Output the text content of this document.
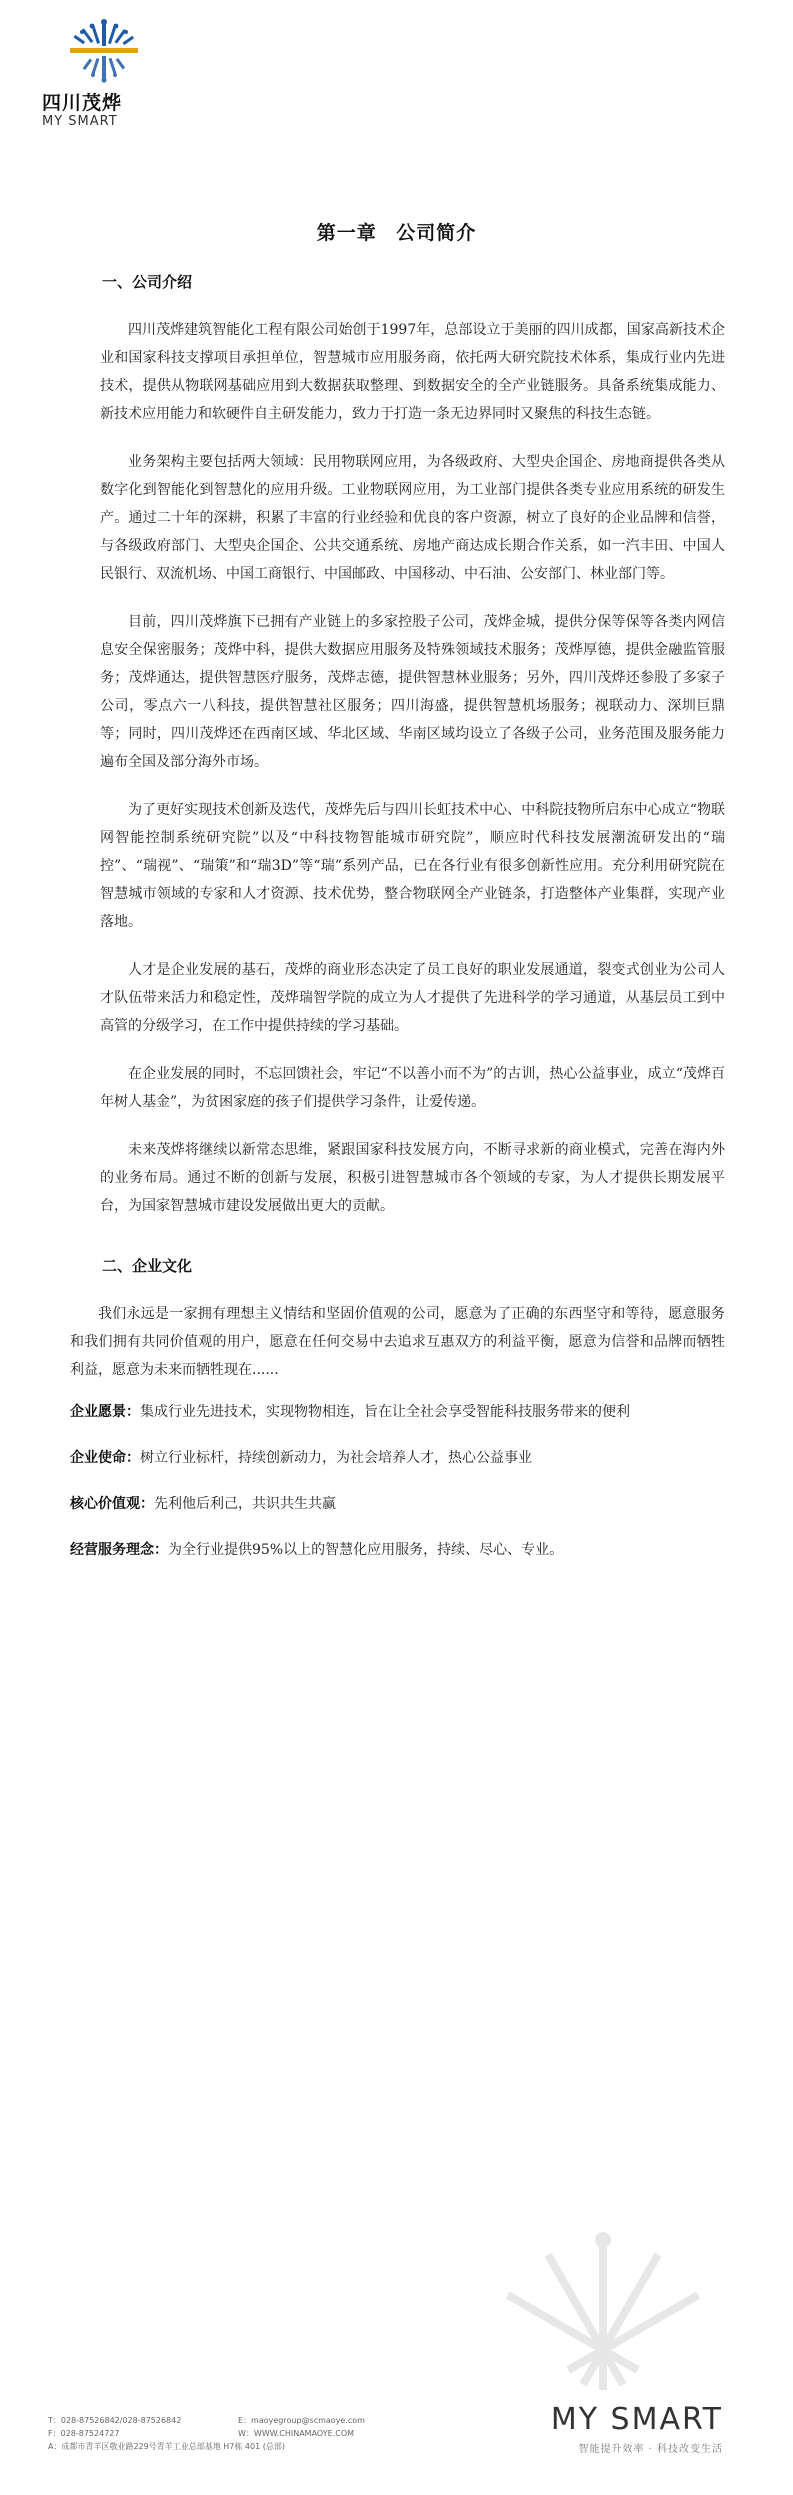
四川茂烨
MY SMART
第一章 公司简介
一、公司介绍

四川茂烨建筑智能化工程有限公司始创于1997年，总部设立于美丽的四川成都，国家高新技术企业和国家科技支撑项目承担单位，智慧城市应用服务商，依托两大研究院技术体系，集成行业内先进技术，提供从物联网基础应用到大数据获取整理、到数据安全的全产业链服务。具备系统集成能力、新技术应用能力和软硬件自主研发能力，致力于打造一条无边界同时又聚焦的科技生态链。

业务架构主要包括两大领域：民用物联网应用，为各级政府、大型央企国企、房地商提供各类从数字化到智能化到智慧化的应用升级。工业物联网应用，为工业部门提供各类专业应用系统的研发生产。通过二十年的深耕，积累了丰富的行业经验和优良的客户资源，树立了良好的企业品牌和信誉，与各级政府部门、大型央企国企、公共交通系统、房地产商达成长期合作关系，如一汽丰田、中国人民银行、双流机场、中国工商银行、中国邮政、中国移动、中石油、公安部门、林业部门等。

目前，四川茂烨旗下已拥有产业链上的多家控股子公司，茂烨金城，提供分保等保等各类内网信息安全保密服务；茂烨中科，提供大数据应用服务及特殊领域技术服务；茂烨厚德，提供金融监管服务；茂烨通达，提供智慧医疗服务，茂烨志德，提供智慧林业服务；另外，四川茂烨还参股了多家子公司，零点六一八科技，提供智慧社区服务；四川海盛，提供智慧机场服务；视联动力、深圳巨鼎等；同时，四川茂烨还在西南区域、华北区域、华南区域均设立了各级子公司，业务范围及服务能力遍布全国及部分海外市场。

为了更好实现技术创新及迭代，茂烨先后与四川长虹技术中心、中科院技物所启东中心成立“物联网智能控制系统研究院”以及“中科技物智能城市研究院”，顺应时代科技发展潮流研发出的“瑞控”、“瑞视”、“瑞策”和“瑞3D”等“瑞”系列产品，已在各行业有很多创新性应用。充分利用研究院在智慧城市领域的专家和人才资源、技术优势，整合物联网全产业链条，打造整体产业集群，实现产业落地。

人才是企业发展的基石，茂烨的商业形态决定了员工良好的职业发展通道，裂变式创业为公司人才队伍带来活力和稳定性，茂烨瑞智学院的成立为人才提供了先进科学的学习通道，从基层员工到中高管的分级学习，在工作中提供持续的学习基础。

在企业发展的同时，不忘回馈社会，牢记“不以善小而不为”的古训，热心公益事业，成立“茂烨百年树人基金”，为贫困家庭的孩子们提供学习条件，让爱传递。

未来茂烨将继续以新常态思维，紧跟国家科技发展方向，不断寻求新的商业模式，完善在海内外的业务布局。通过不断的创新与发展，积极引进智慧城市各个领域的专家，为人才提供长期发展平台，为国家智慧城市建设发展做出更大的贡献。

二、企业文化

我们永远是一家拥有理想主义情结和坚固价值观的公司，愿意为了正确的东西坚守和等待，愿意服务和我们拥有共同价值观的用户，愿意在任何交易中去追求互惠双方的利益平衡，愿意为信誉和品牌而牺牲利益，愿意为未来而牺牲现在......

企业愿景：集成行业先进技术，实现物物相连，旨在让全社会享受智能科技服务带来的便利

企业使命：树立行业标杆，持续创新动力，为社会培养人才，热心公益事业

核心价值观：先利他后利己，共识共生共赢

经营服务理念：为全行业提供95%以上的智慧化应用服务，持续、尽心、专业。

T：028-87526842/028-87526842	E：maoyegroup@scmaoye.com
F：028-87524727	W：WWW.CHINAMAOYE.COM
A：成都市青羊区敬业路229号青羊工业总部基地 H7栋 401 (总部)
MY SMART
智能提升效率 · 科技改变生活
